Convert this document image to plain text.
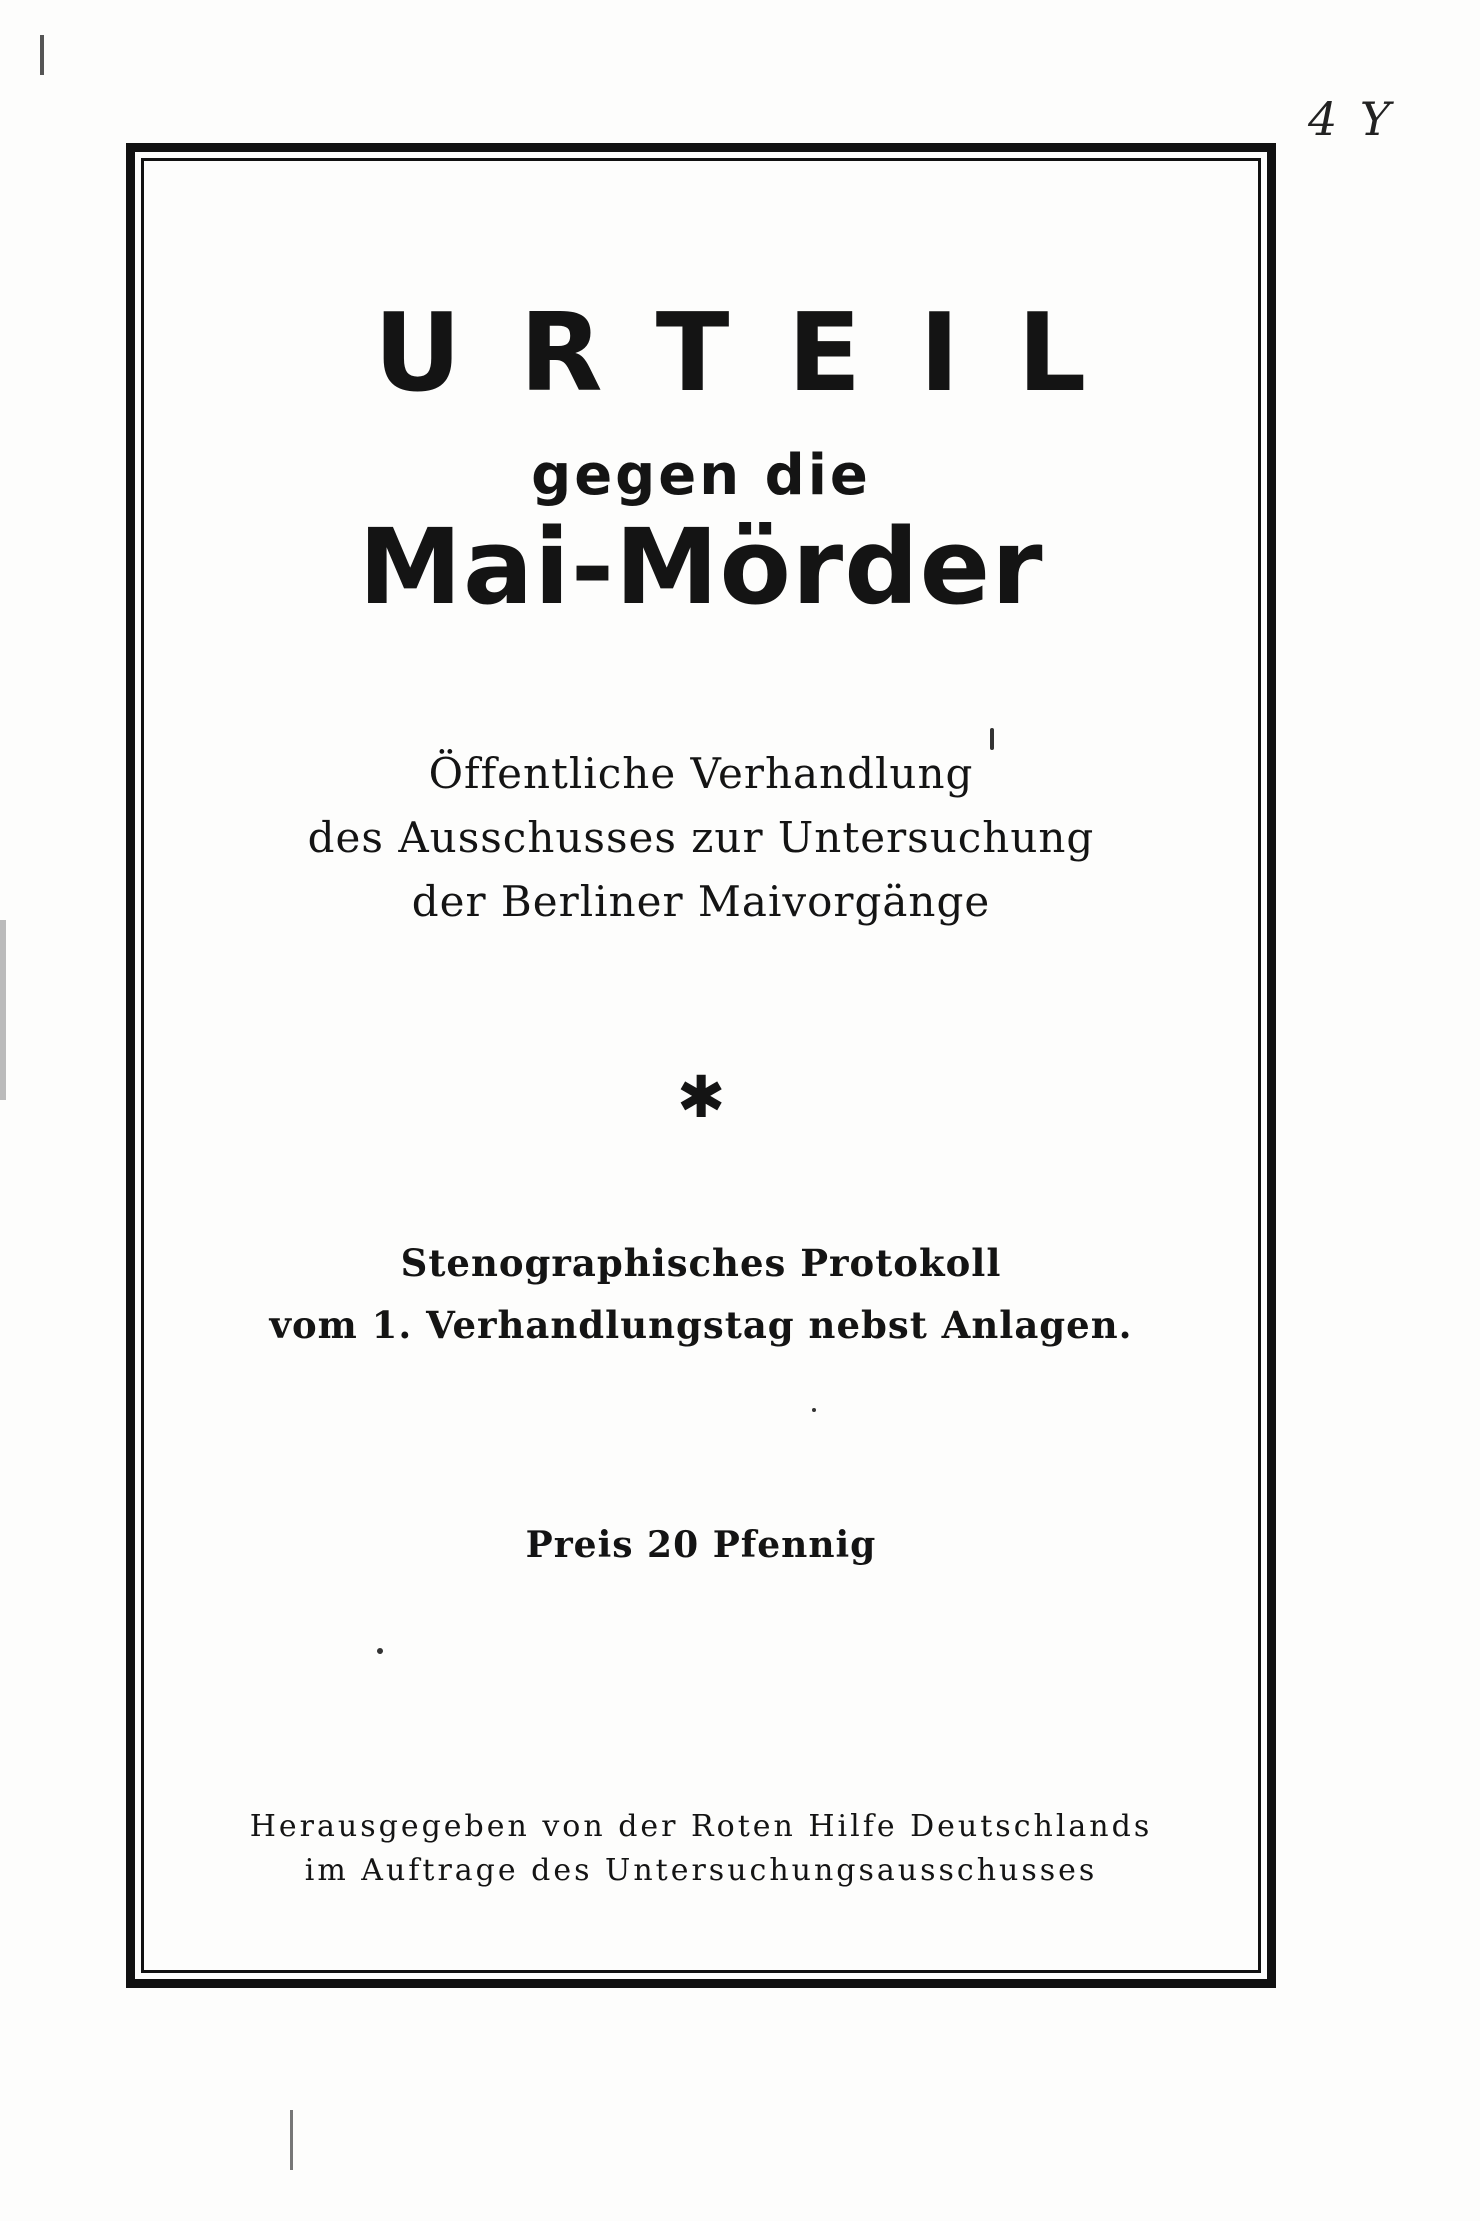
4 Y
URTEIL
gegen die
Mai-Mörder
Öffentliche Verhandlung
des Ausschusses zur Untersuchung
der Berliner Maivorgänge
✱
Stenographisches Protokoll
vom 1. Verhandlungstag nebst Anlagen.
Preis 20 Pfennig
Herausgegeben von der Roten Hilfe Deutschlands
im Auftrage des Untersuchungsausschusses
